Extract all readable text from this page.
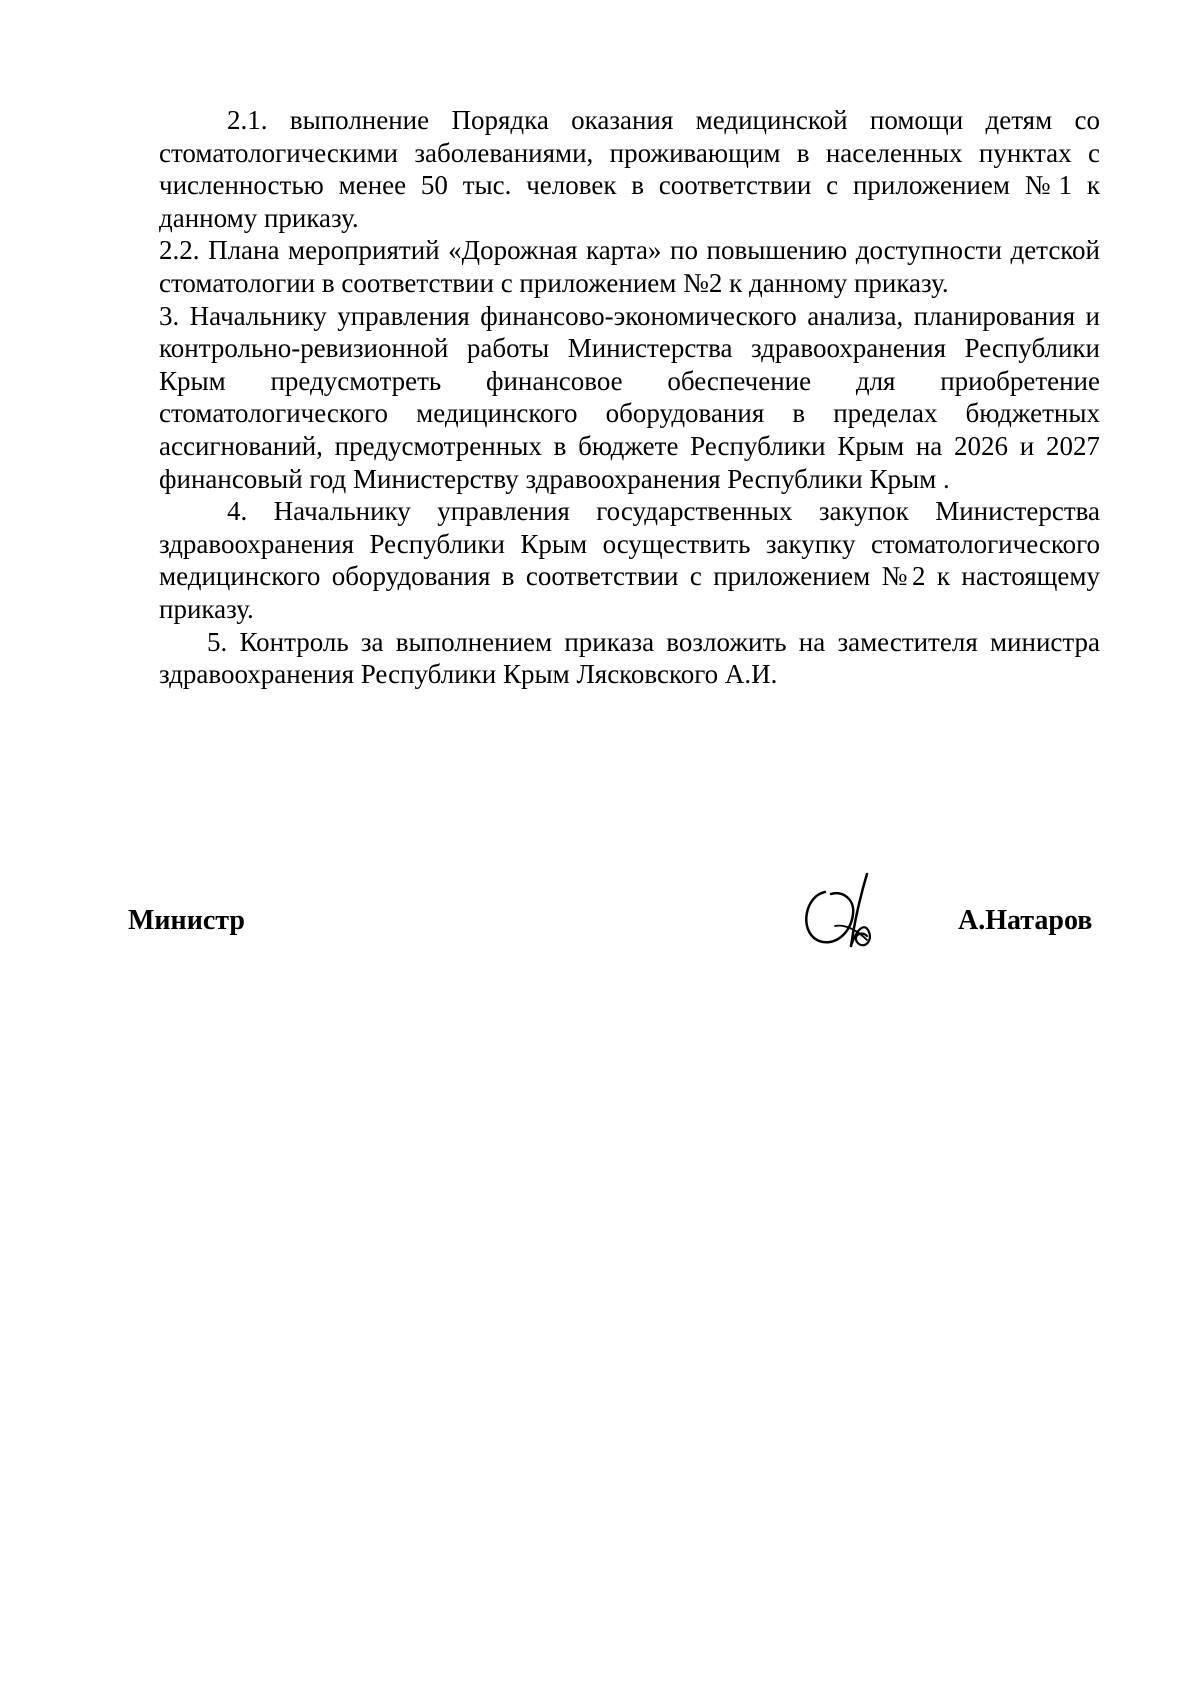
2.1. выполнение Порядка оказания медицинской помощи детям со стоматологическими заболеваниями, проживающим в населенных пунктах с численностью менее 50 тыс. человек в соответствии с приложением №1 к данному приказу.

2.2. Плана мероприятий «Дорожная карта» по повышению доступности детской стоматологии в соответствии с приложением №2 к данному приказу.

3. Начальнику управления финансово-экономического анализа, планирования и контрольно-ревизионной работы Министерства здравоохранения Республики Крым предусмотреть финансовое обеспечение для приобретение стоматологического медицинского оборудования в пределах бюджетных ассигнований, предусмотренных в бюджете Республики Крым на 2026 и 2027 финансовый год Министерству здравоохранения Республики Крым .

4. Начальнику управления государственных закупок Министерства здравоохранения Республики Крым осуществить закупку стоматологического медицинского оборудования в соответствии с приложением №2 к настоящему приказу.

5. Контроль за выполнением приказа возложить на заместителя министра здравоохранения Республики Крым Лясковского А.И.

Министр	А.Натаров
